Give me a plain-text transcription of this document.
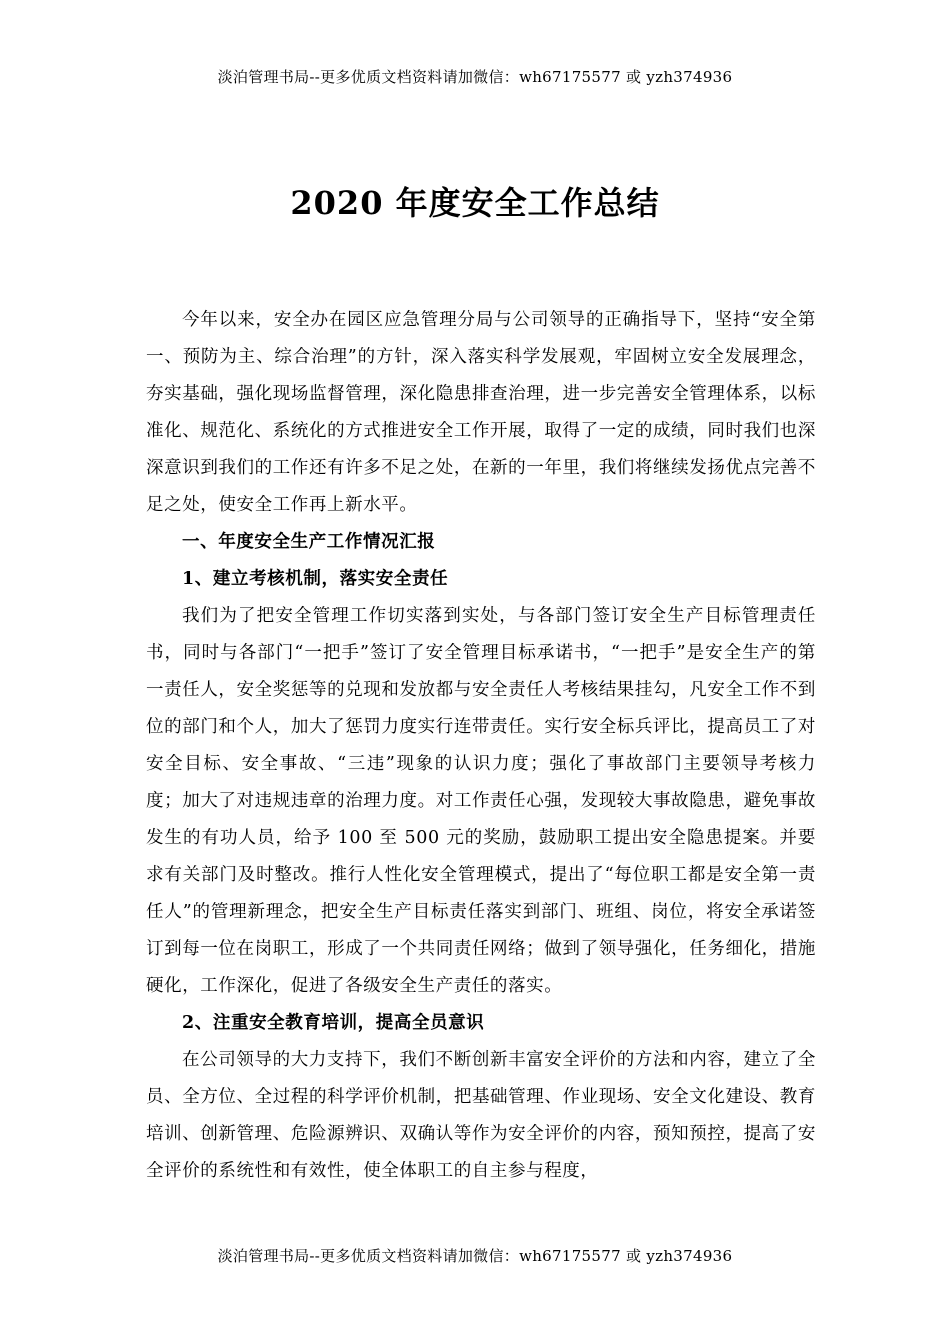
淡泊管理书局--更多优质文档资料请加微信：wh67175577 或 yzh374936
2020 年度安全工作总结

今年以来，安全办在园区应急管理分局与公司领导的正确指导下，坚持“安全第一、预防为主、综合治理”的方针，深入落实科学发展观，牢固树立安全发展理念，夯实基础，强化现场监督管理，深化隐患排查治理，进一步完善安全管理体系，以标准化、规范化、系统化的方式推进安全工作开展，取得了一定的成绩，同时我们也深深意识到我们的工作还有许多不足之处，在新的一年里，我们将继续发扬优点完善不足之处，使安全工作再上新水平。

一、年度安全生产工作情况汇报

1、建立考核机制，落实安全责任

我们为了把安全管理工作切实落到实处，与各部门签订安全生产目标管理责任书，同时与各部门“一把手”签订了安全管理目标承诺书，“一把手”是安全生产的第一责任人，安全奖惩等的兑现和发放都与安全责任人考核结果挂勾，凡安全工作不到位的部门和个人，加大了惩罚力度实行连带责任。实行安全标兵评比，提高员工了对安全目标、安全事故、“三违”现象的认识力度；强化了事故部门主要领导考核力度；加大了对违规违章的治理力度。对工作责任心强，发现较大事故隐患，避免事故发生的有功人员，给予 100 至 500 元的奖励，鼓励职工提出安全隐患提案。并要求有关部门及时整改。推行人性化安全管理模式，提出了“每位职工都是安全第一责任人”的管理新理念，把安全生产目标责任落实到部门、班组、岗位，将安全承诺签订到每一位在岗职工，形成了一个共同责任网络；做到了领导强化，任务细化，措施硬化，工作深化，促进了各级安全生产责任的落实。

2、注重安全教育培训，提高全员意识

在公司领导的大力支持下，我们不断创新丰富安全评价的方法和内容，建立了全员、全方位、全过程的科学评价机制，把基础管理、作业现场、安全文化建设、教育培训、创新管理、危险源辨识、双确认等作为安全评价的内容，预知预控，提高了安全评价的系统性和有效性，使全体职工的自主参与程度，

淡泊管理书局--更多优质文档资料请加微信：wh67175577 或 yzh374936
